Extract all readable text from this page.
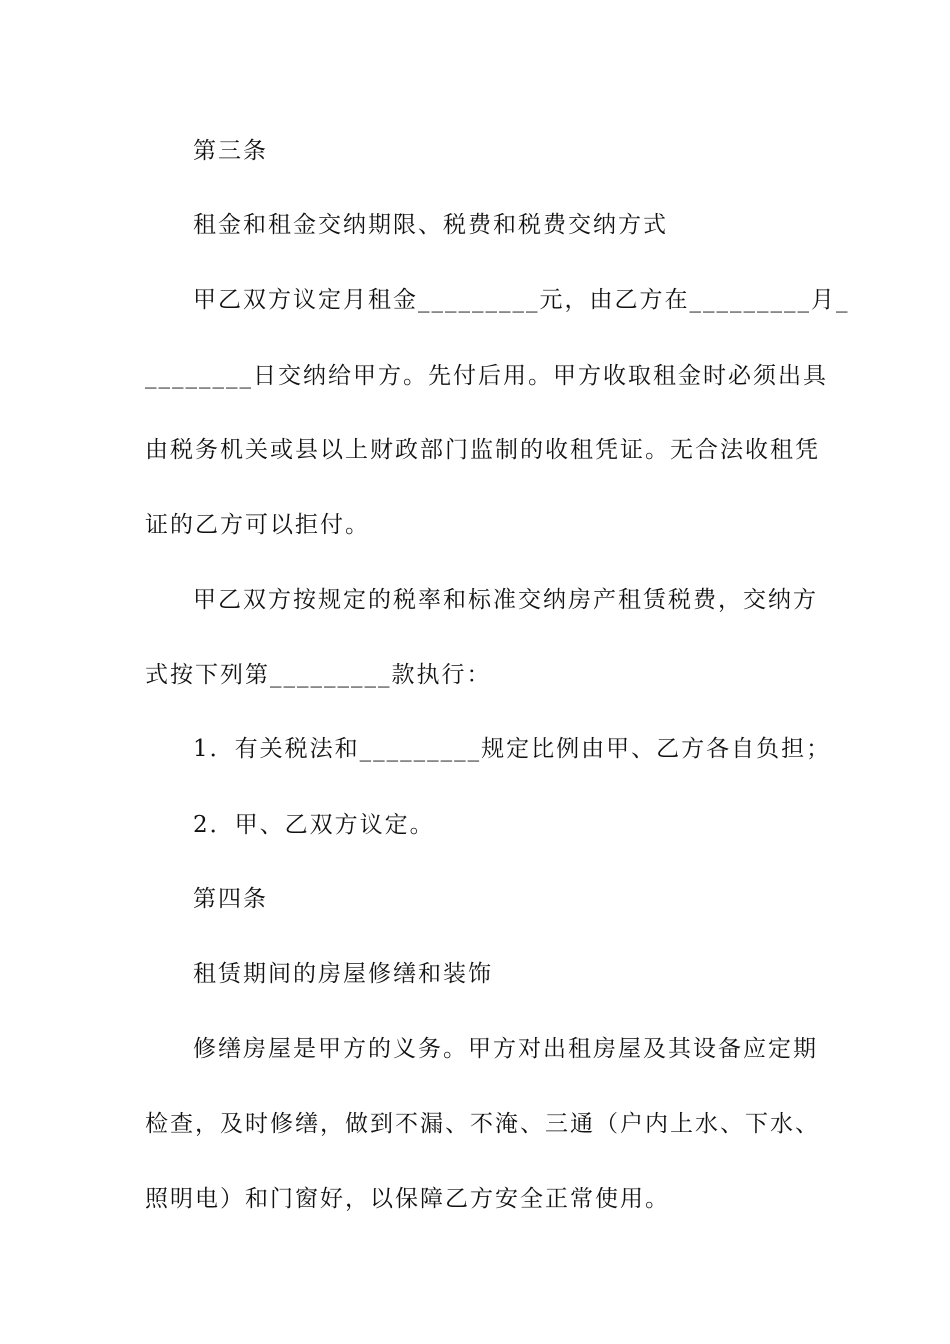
第三条
租金和租金交纳期限、税费和税费交纳方式
甲乙双方议定月租金_________元，由乙方在_________月_
________日交纳给甲方。先付后用。甲方收取租金时必须出具
由税务机关或县以上财政部门监制的收租凭证。无合法收租凭
证的乙方可以拒付。
甲乙双方按规定的税率和标准交纳房产租赁税费，交纳方
式按下列第_________款执行：
1．有关税法和_________规定比例由甲、乙方各自负担；
2．甲、乙双方议定。
第四条
租赁期间的房屋修缮和装饰
修缮房屋是甲方的义务。甲方对出租房屋及其设备应定期
检查，及时修缮，做到不漏、不淹、三通（户内上水、下水、
照明电）和门窗好，以保障乙方安全正常使用。
